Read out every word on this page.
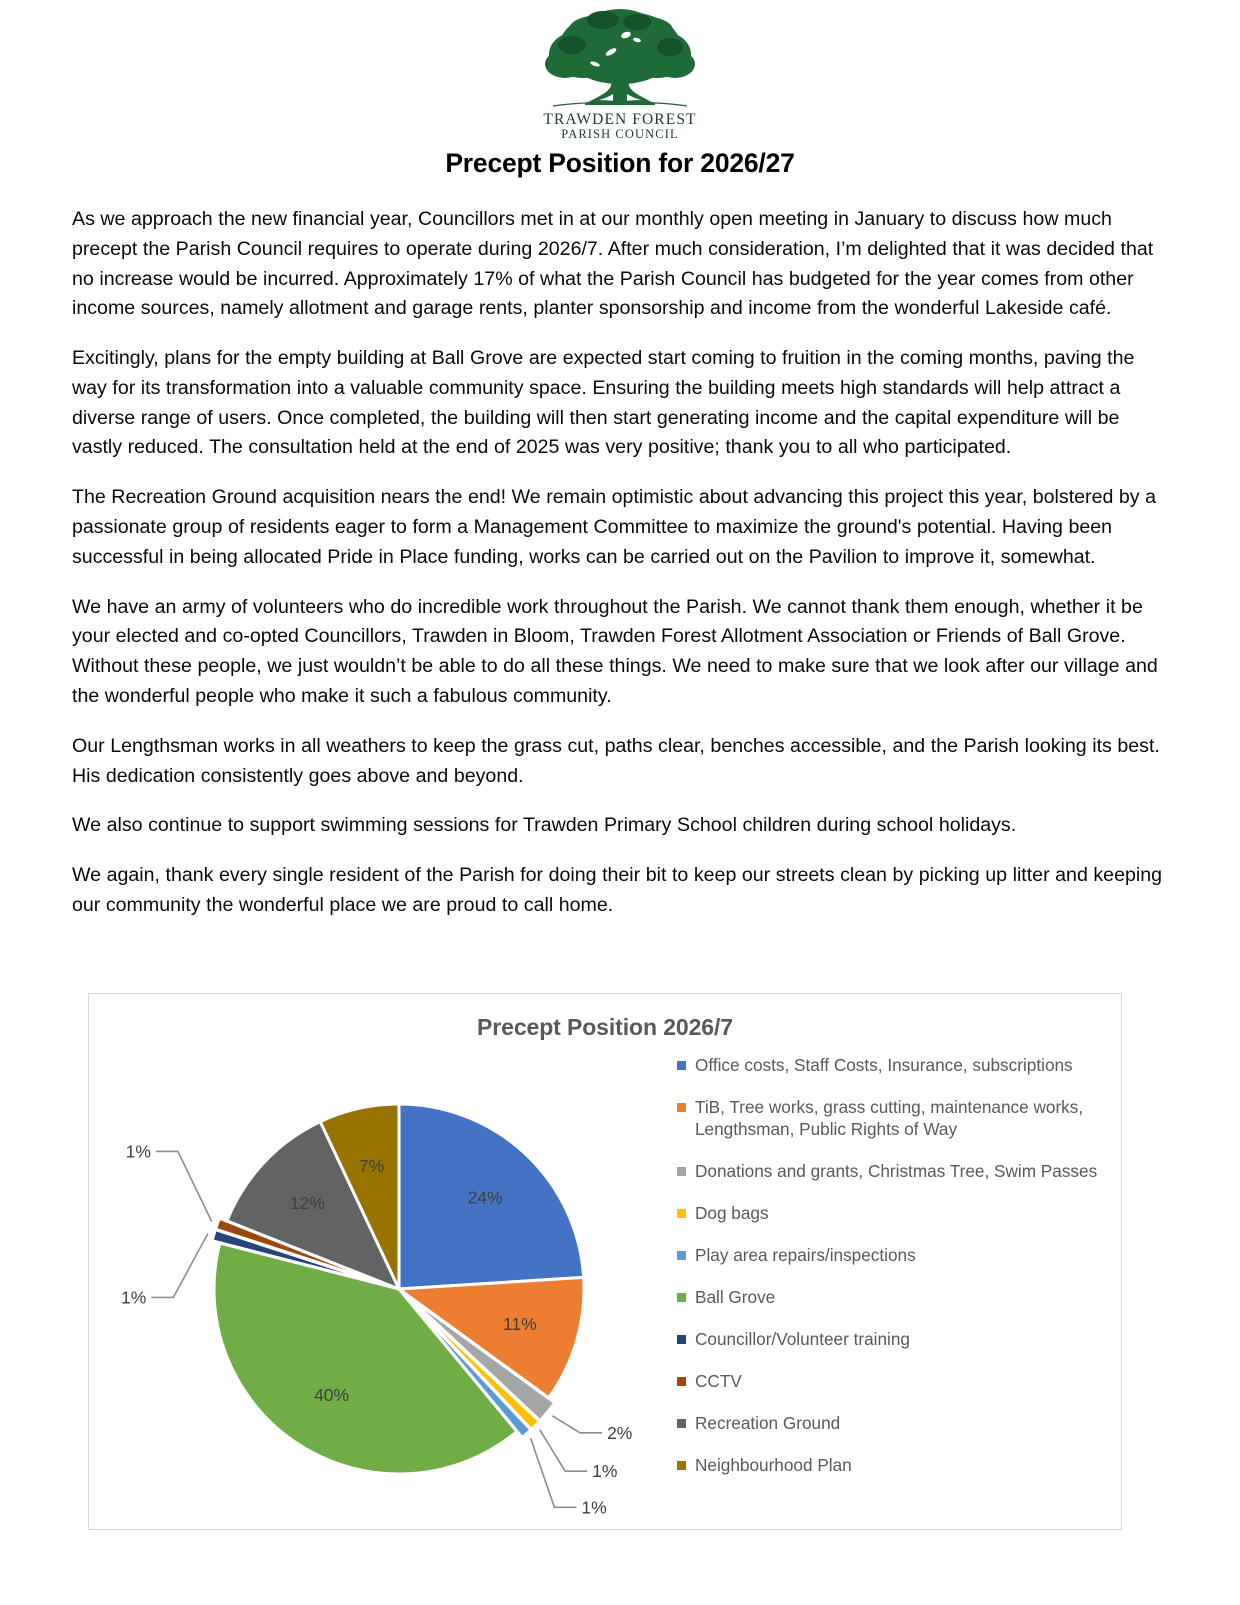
TRAWDEN FOREST
PARISH COUNCIL
Precept Position for 2026/27

As we approach the new financial year, Councillors met in at our monthly open meeting in January to discuss how much precept the Parish Council requires to operate during 2026/7. After much consideration, I’m delighted that it was decided that no increase would be incurred. Approximately 17% of what the Parish Council has budgeted for the year comes from other income sources, namely allotment and garage rents, planter sponsorship and income from the wonderful Lakeside café.

Excitingly, plans for the empty building at Ball Grove are expected start coming to fruition in the coming months, paving the way for its transformation into a valuable community space. Ensuring the building meets high standards will help attract a diverse range of users. Once completed, the building will then start generating income and the capital expenditure will be vastly reduced. The consultation held at the end of 2025 was very positive; thank you to all who participated.

The Recreation Ground acquisition nears the end! We remain optimistic about advancing this project this year, bolstered by a passionate group of residents eager to form a Management Committee to maximize the ground's potential. Having been successful in being allocated Pride in Place funding, works can be carried out on the Pavilion to improve it, somewhat.

We have an army of volunteers who do incredible work throughout the Parish. We cannot thank them enough, whether it be your elected and co-opted Councillors, Trawden in Bloom, Trawden Forest Allotment Association or Friends of Ball Grove. Without these people, we just wouldn’t be able to do all these things. We need to make sure that we look after our village and the wonderful people who make it such a fabulous community.

Our Lengthsman works in all weathers to keep the grass cut, paths clear, benches accessible, and the Parish looking its best. His dedication consistently goes above and beyond.

We also continue to support swimming sessions for Trawden Primary School children during school holidays.

We again, thank every single resident of the Parish for doing their bit to keep our streets clean by picking up litter and keeping our community the wonderful place we are proud to call home.

Precept Position 2026/7
24%
11%
2%
1%
1%
40%
1%
1%
12%
7%
Office costs, Staff Costs, Insurance, subscriptions
TiB, Tree works, grass cutting, maintenance works, Lengthsman, Public Rights of Way
Donations and grants, Christmas Tree, Swim Passes
Dog bags
Play area repairs/inspections
Ball Grove
Councillor/Volunteer training
CCTV
Recreation Ground
Neighbourhood Plan
